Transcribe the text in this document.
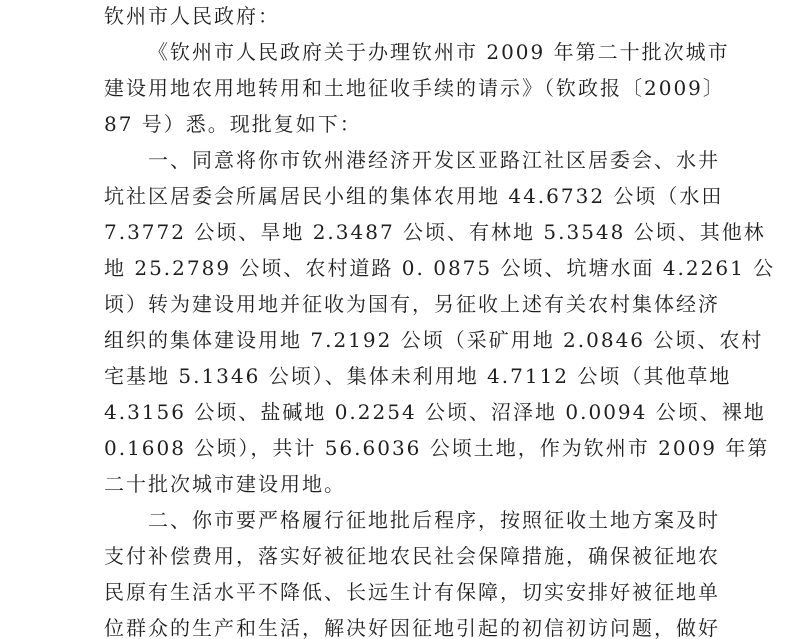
钦州市人民政府：
《钦州市人民政府关于办理钦州市 2009 年第二十批次城市
建设用地农用地转用和土地征收手续的请示》（钦政报〔2009〕
87 号）悉。现批复如下：
一、同意将你市钦州港经济开发区亚路江社区居委会、水井
坑社区居委会所属居民小组的集体农用地 44.6732 公顷（水田
7.3772 公顷、旱地 2.3487 公顷、有林地 5.3548 公顷、其他林
地 25.2789 公顷、农村道路 0. 0875 公顷、坑塘水面 4.2261 公
顷）转为建设用地并征收为国有，另征收上述有关农村集体经济
组织的集体建设用地 7.2192 公顷（采矿用地 2.0846 公顷、农村
宅基地 5.1346 公顷）、集体未利用地 4.7112 公顷（其他草地
4.3156 公顷、盐碱地 0.2254 公顷、沼泽地 0.0094 公顷、裸地
0.1608 公顷），共计 56.6036 公顷土地，作为钦州市 2009 年第
二十批次城市建设用地。
二、你市要严格履行征地批后程序，按照征收土地方案及时
支付补偿费用，落实好被征地农民社会保障措施，确保被征地农
民原有生活水平不降低、长远生计有保障，切实安排好被征地单
位群众的生产和生活，解决好因征地引起的初信初访问题，做好
